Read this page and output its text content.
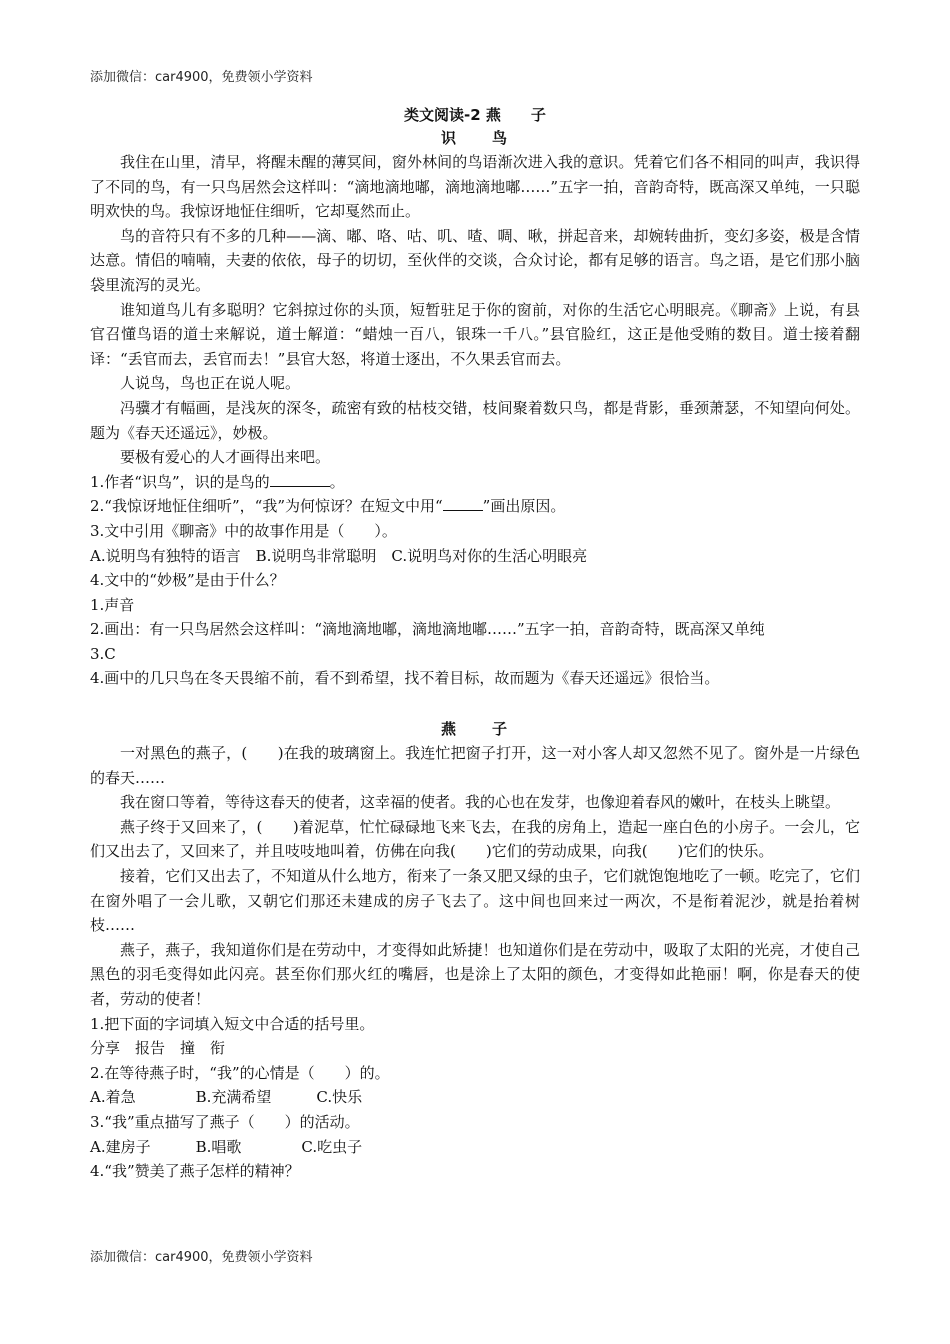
添加微信：car4900，免费领小学资料
类文阅读-2 燕　　子
识　　鸟

我住在山里，清早，将醒未醒的薄冥间，窗外林间的鸟语渐次进入我的意识。凭着它们各不相同的叫声，我识得了不同的鸟，有一只鸟居然会这样叫：“滴地滴地嘟，滴地滴地嘟……”五字一拍，音韵奇特，既高深又单纯，一只聪明欢快的鸟。我惊讶地怔住细听，它却戛然而止。

鸟的音符只有不多的几种——滴、嘟、咯、咕、叽、喳、啁、啾，拼起音来，却婉转曲折，变幻多姿，极是含情达意。情侣的喃喃，夫妻的依依，母子的切切，至伙伴的交谈，合众讨论，都有足够的语言。鸟之语，是它们那小脑袋里流泻的灵光。

谁知道鸟儿有多聪明？它斜掠过你的头顶，短暂驻足于你的窗前，对你的生活它心明眼亮。《聊斋》上说，有县官召懂鸟语的道士来解说，道士解道：“蜡烛一百八，银珠一千八。”县官脸红，这正是他受贿的数目。道士接着翻译：“丢官而去，丢官而去！”县官大怒，将道士逐出，不久果丢官而去。

人说鸟，鸟也正在说人呢。

冯骥才有幅画，是浅灰的深冬，疏密有致的枯枝交错，枝间聚着数只鸟，都是背影，垂颈萧瑟，不知望向何处。题为《春天还遥远》，妙极。

要极有爱心的人才画得出来吧。

1.作者“识鸟”，识的是鸟的	。

2.“我惊讶地怔住细听”，“我”为何惊讶？在短文中用“	”画出原因。

3.文中引用《聊斋》中的故事作用是（　　）。

A.说明鸟有独特的语言　B.说明鸟非常聪明　C.说明鸟对你的生活心明眼亮

4.文中的“妙极”是由于什么？

1.声音

2.画出：有一只鸟居然会这样叫：“滴地滴地嘟，滴地滴地嘟……”五字一拍，音韵奇特，既高深又单纯

3.C

4.画中的几只鸟在冬天畏缩不前，看不到希望，找不着目标，故而题为《春天还遥远》很恰当。

燕　　子

一对黑色的燕子，(　　)在我的玻璃窗上。我连忙把窗子打开，这一对小客人却又忽然不见了。窗外是一片绿色的春天……

我在窗口等着，等待这春天的使者，这幸福的使者。我的心也在发芽，也像迎着春风的嫩叶，在枝头上眺望。

燕子终于又回来了，(　　)着泥草，忙忙碌碌地飞来飞去，在我的房角上，造起一座白色的小房子。一会儿，它们又出去了，又回来了，并且吱吱地叫着，仿佛在向我(　　)它们的劳动成果，向我(　　)它们的快乐。

接着，它们又出去了，不知道从什么地方，衔来了一条又肥又绿的虫子，它们就饱饱地吃了一顿。吃完了，它们在窗外唱了一会儿歌，又朝它们那还未建成的房子飞去了。这中间也回来过一两次，不是衔着泥沙，就是抬着树枝……

燕子，燕子，我知道你们是在劳动中，才变得如此矫捷！也知道你们是在劳动中，吸取了太阳的光亮，才使自己黑色的羽毛变得如此闪亮。甚至你们那火红的嘴唇，也是涂上了太阳的颜色，才变得如此艳丽！啊，你是春天的使者，劳动的使者！

1.把下面的字词填入短文中合适的括号里。

分享　报告　撞　衔

2.在等待燕子时，“我”的心情是（　　）的。

A.着急　　　　B.充满希望　　　C.快乐

3.“我”重点描写了燕子（　　）的活动。

A.建房子　　　B.唱歌　　　　C.吃虫子

4.“我”赞美了燕子怎样的精神？

添加微信：car4900，免费领小学资料
